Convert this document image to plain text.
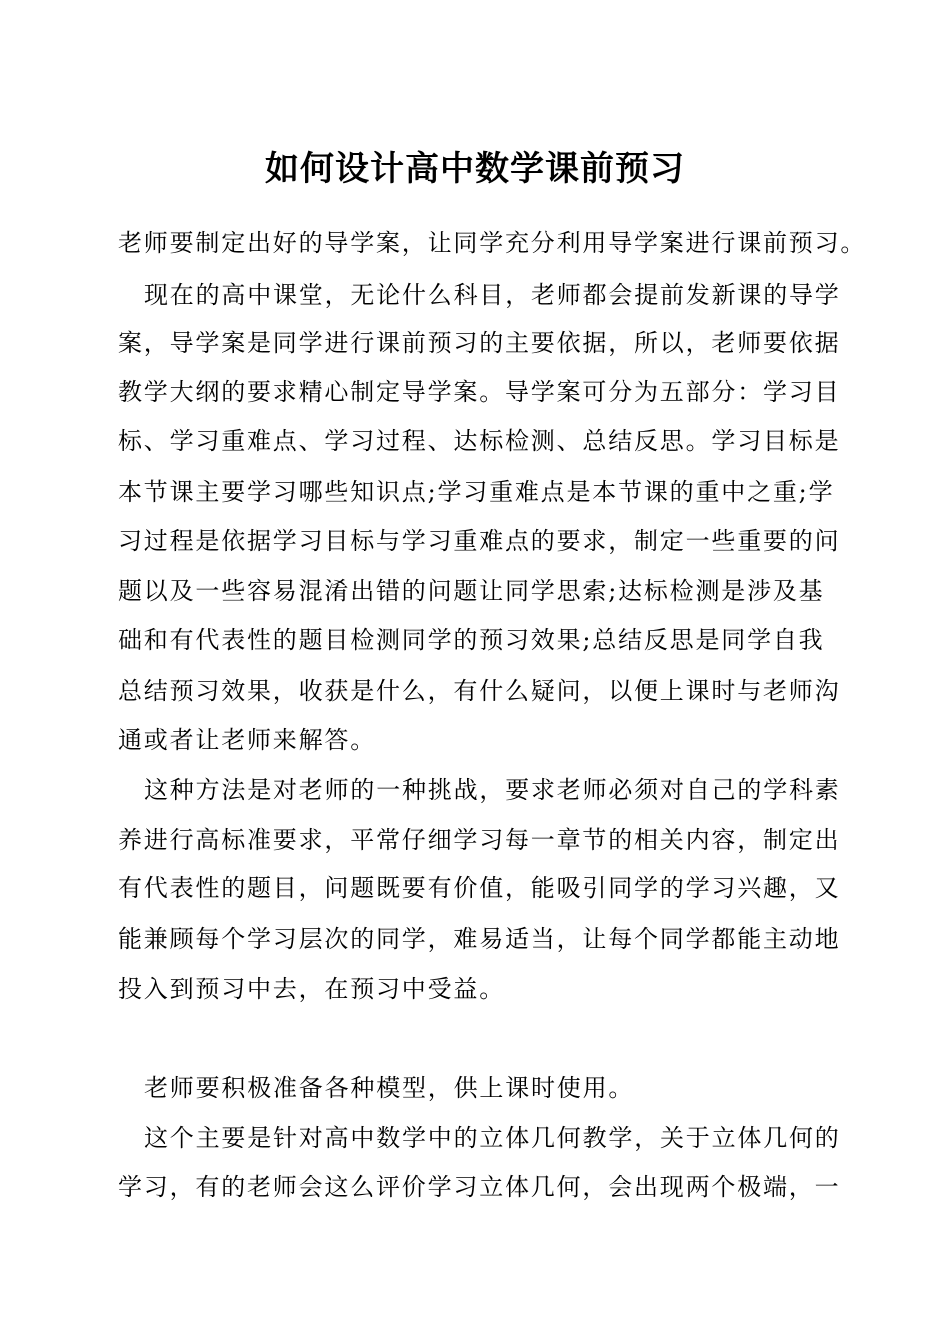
如何设计高中数学课前预习
老师要制定出好的导学案，让同学充分利用导学案进行课前预习。
现在的高中课堂，无论什么科目，老师都会提前发新课的导学
案，导学案是同学进行课前预习的主要依据，所以，老师要依据
教学大纲的要求精心制定导学案。导学案可分为五部分：学习目
标、学习重难点、学习过程、达标检测、总结反思。学习目标是
本节课主要学习哪些知识点;学习重难点是本节课的重中之重;学
习过程是依据学习目标与学习重难点的要求，制定一些重要的问
题以及一些容易混淆出错的问题让同学思索;达标检测是涉及基
础和有代表性的题目检测同学的预习效果;总结反思是同学自我
总结预习效果，收获是什么，有什么疑问，以便上课时与老师沟
通或者让老师来解答。
这种方法是对老师的一种挑战，要求老师必须对自己的学科素
养进行高标准要求，平常仔细学习每一章节的相关内容，制定出
有代表性的题目，问题既要有价值，能吸引同学的学习兴趣，又
能兼顾每个学习层次的同学，难易适当，让每个同学都能主动地
投入到预习中去，在预习中受益。
老师要积极准备各种模型，供上课时使用。
这个主要是针对高中数学中的立体几何教学，关于立体几何的
学习，有的老师会这么评价学习立体几何，会出现两个极端，一
